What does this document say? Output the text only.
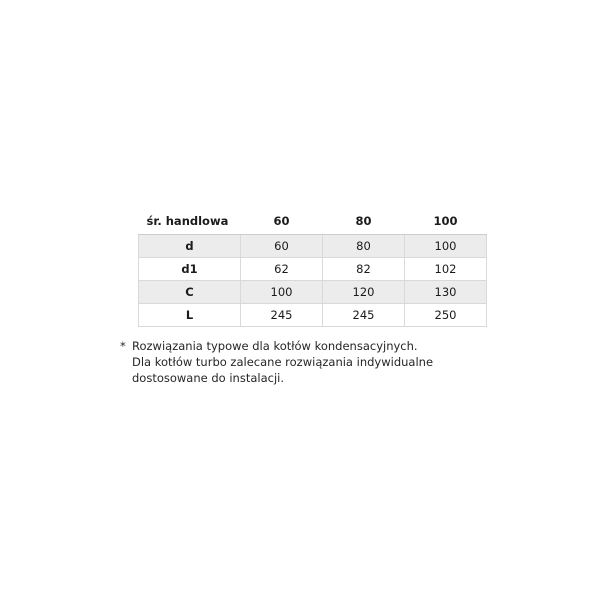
śr. handlowa	60	80	100
d	60	80	100
d1	62	82	102
C	100	120	130
L	245	245	250
* Rozwiązania typowe dla kotłów kondensacyjnych.
Dla kotłów turbo zalecane rozwiązania indywidualne
dostosowane do instalacji.
